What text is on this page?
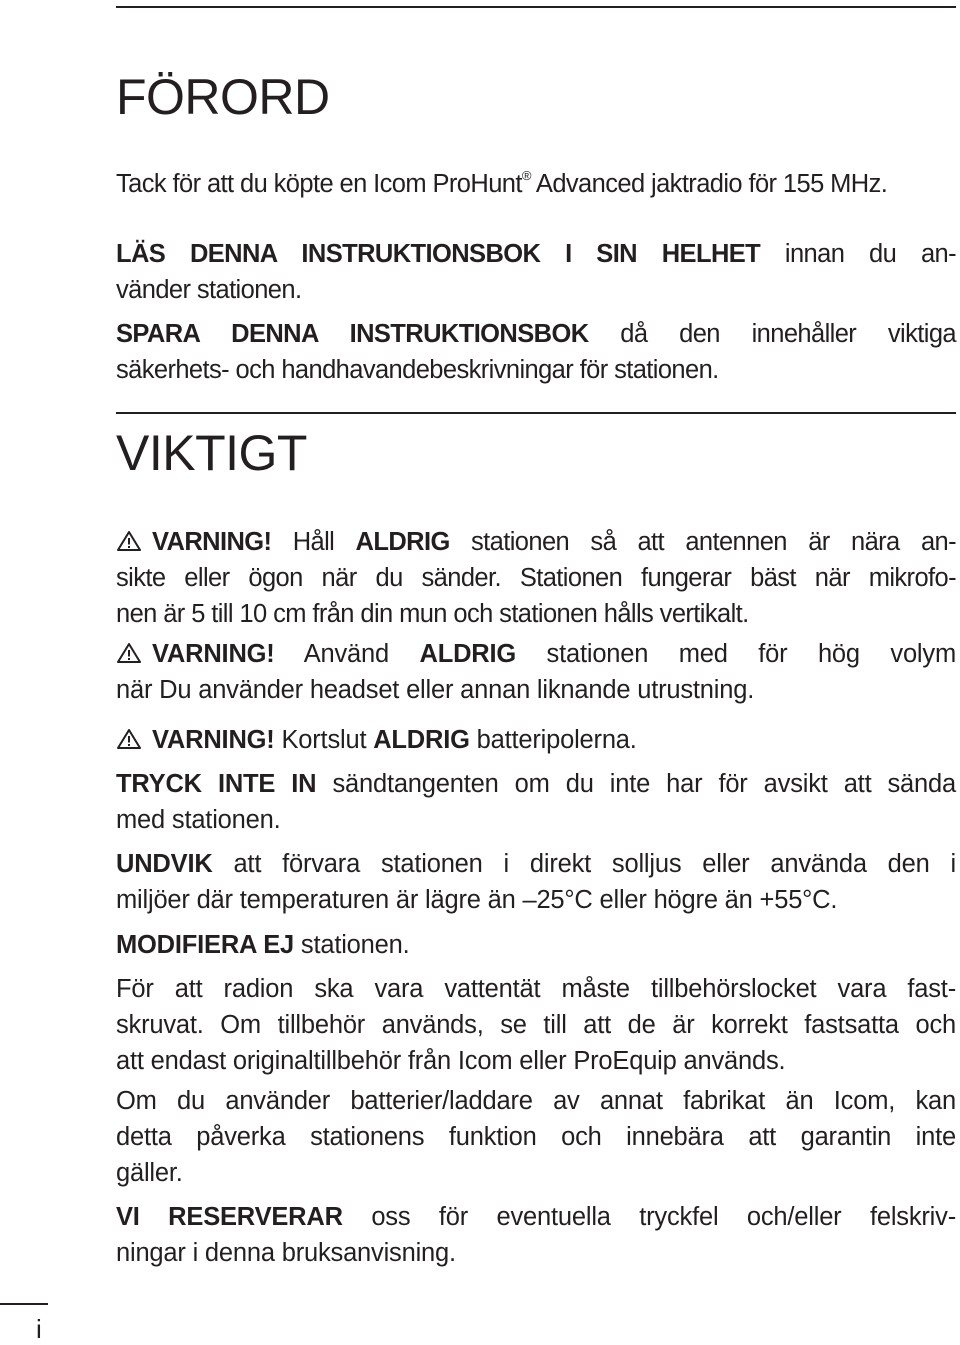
FÖRORD

Tack för att du köpte en Icom ProHunt® Advanced jaktradio för 155 MHz.

LÄS DENNA INSTRUKTIONSBOK I SIN HELHET innan du an-
vänder stationen.

SPARA DENNA INSTRUKTIONSBOK då den innehåller viktiga
säkerhets- och handhavandebeskrivningar för stationen.

VIKTIGT

VARNING! Håll ALDRIG stationen så att antennen är nära an-
sikte eller ögon när du sänder. Stationen fungerar bäst när mikrofo-
nen är 5 till 10 cm från din mun och stationen hålls vertikalt.

VARNING! Använd ALDRIG stationen med för hög volym
när Du använder headset eller annan liknande utrustning.

VARNING! Kortslut ALDRIG batteripolerna.

TRYCK INTE IN sändtangenten om du inte har för avsikt att sända
med stationen.

UNDVIK att förvara stationen i direkt solljus eller använda den i
miljöer där temperaturen är lägre än –25°C eller högre än +55°C.

MODIFIERA EJ stationen.

För att radion ska vara vattentät måste tillbehörslocket vara fast-
skruvat. Om tillbehör används, se till att de är korrekt fastsatta och
att endast originaltillbehör från Icom eller ProEquip används.

Om du använder batterier/laddare av annat fabrikat än Icom, kan
detta påverka stationens funktion och innebära att garantin inte
gäller.

VI RESERVERAR oss för eventuella tryckfel och/eller felskriv-
ningar i denna bruksanvisning.

i
